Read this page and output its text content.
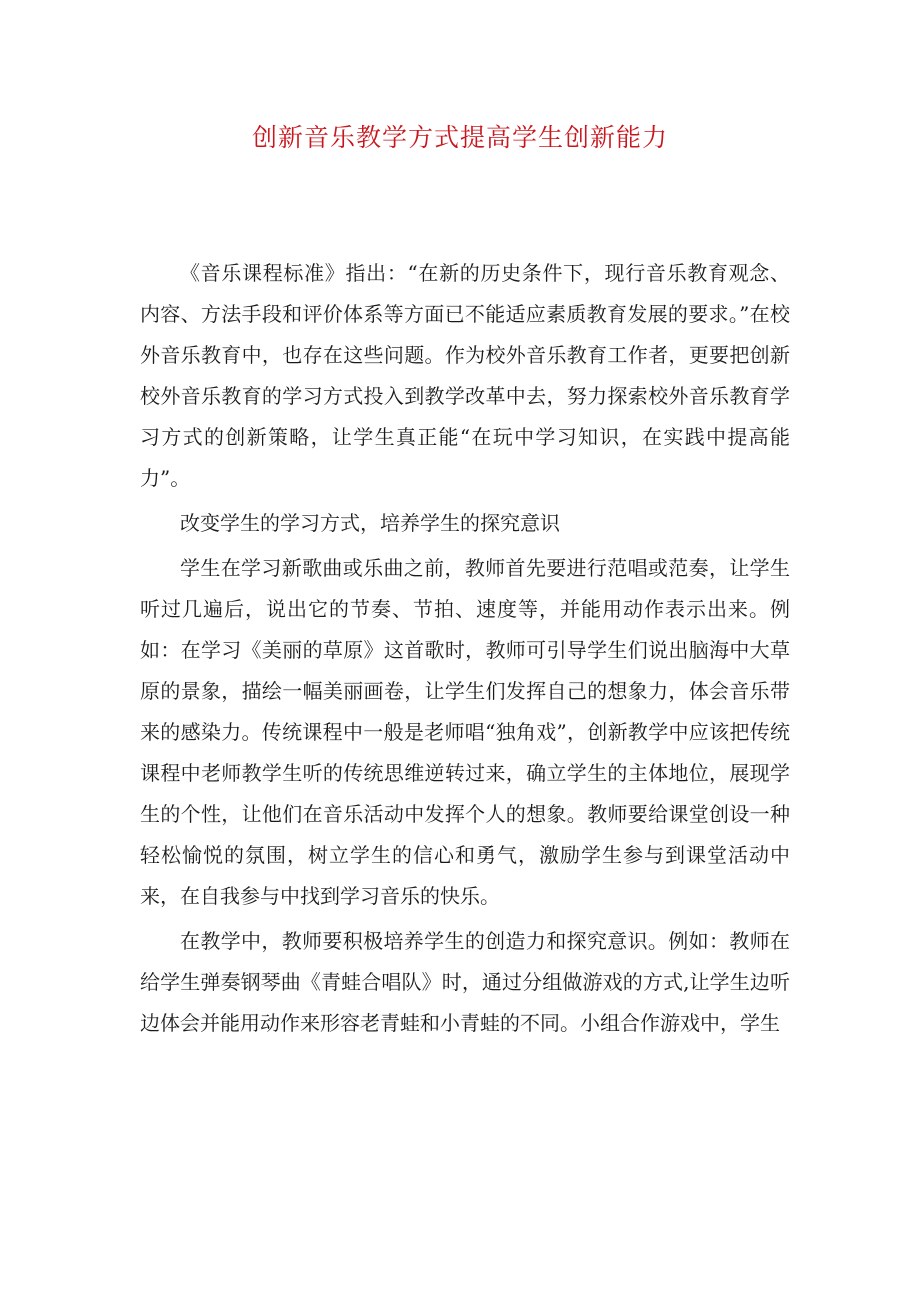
创新音乐教学方式提高学生创新能力

《音乐课程标准》指出：“在新的历史条件下，现行音乐教育观念、内容、方法手段和评价体系等方面已不能适应素质教育发展的要求。”在校外音乐教育中，也存在这些问题。作为校外音乐教育工作者，更要把创新校外音乐教育的学习方式投入到教学改革中去，努力探索校外音乐教育学习方式的创新策略，让学生真正能“在玩中学习知识，在实践中提高能力”。

改变学生的学习方式，培养学生的探究意识

学生在学习新歌曲或乐曲之前，教师首先要进行范唱或范奏，让学生听过几遍后，说出它的节奏、节拍、速度等，并能用动作表示出来。例如：在学习《美丽的草原》这首歌时，教师可引导学生们说出脑海中大草原的景象，描绘一幅美丽画卷，让学生们发挥自己的想象力，体会音乐带来的感染力。传统课程中一般是老师唱“独角戏”，创新教学中应该把传统课程中老师教学生听的传统思维逆转过来，确立学生的主体地位，展现学生的个性，让他们在音乐活动中发挥个人的想象。教师要给课堂创设一种轻松愉悦的氛围，树立学生的信心和勇气，激励学生参与到课堂活动中来，在自我参与中找到学习音乐的快乐。

在教学中，教师要积极培养学生的创造力和探究意识。例如：教师在给学生弹奏钢琴曲《青蛙合唱队》时，通过分组做游戏的方式,让学生边听边体会并能用动作来形容老青蛙和小青蛙的不同。小组合作游戏中，学生
